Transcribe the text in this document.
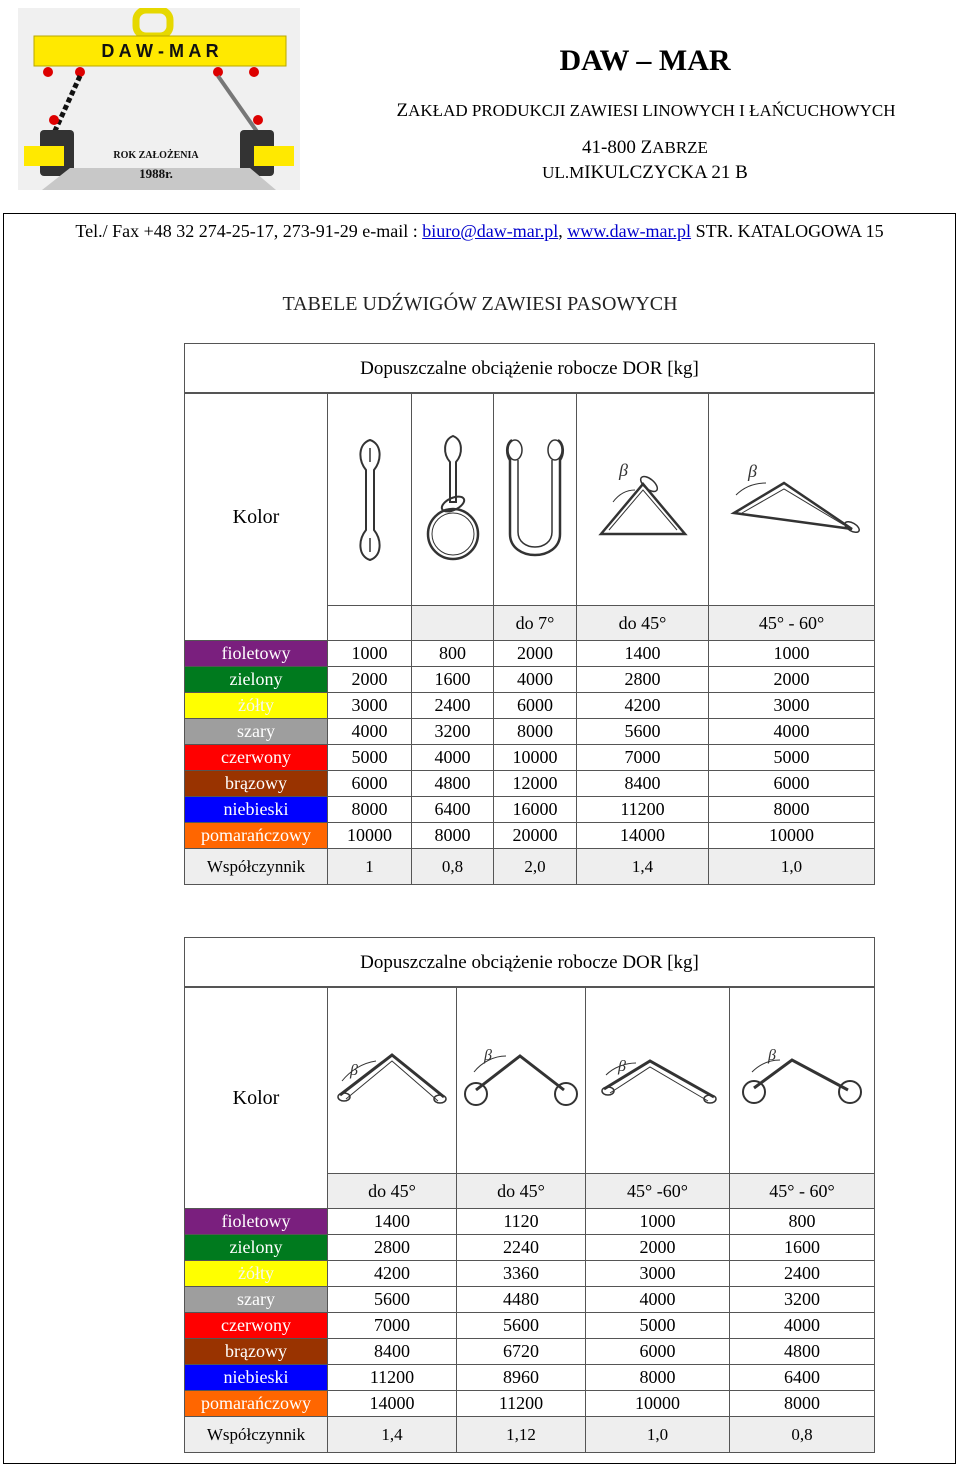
D A W - M A R
ROK ZAŁOŻENIA
1988r.
DAW – MAR
ZAKŁAD PRODUKCJI ZAWIESI LINOWYCH I ŁAŃCUCHOWYCH
41-800 ZABRZE
UL.MIKULCZYCKA 21 B
Tel./ Fax +48 32 274-25-17, 273-91-29 e-mail : biuro@daw-mar.pl, www.daw-mar.pl STR. KATALOGOWA 15
TABELE UDŹWIGÓW ZAWIESI PASOWYCH
Dopuszczalne obciążenie robocze DOR [kg]					
Kolor				β	β

			do 7°	do 45°	45° - 60°
fioletowy	1000	800	2000	1400	1000
zielony	2000	1600	4000	2800	2000
żółty	3000	2400	6000	4200	3000
szary	4000	3200	8000	5600	4000
czerwony	5000	4000	10000	7000	5000
brązowy	6000	4800	12000	8400	6000
niebieski	8000	6400	16000	11200	8000
pomarańczowy	10000	8000	20000	14000	10000
Współczynnik	1	0,8	2,0	1,4	1,0
Dopuszczalne obciążenie robocze DOR [kg]				
Kolor	β	β	β	β

	do 45°	do 45°	45° -60°	45° - 60°
fioletowy	1400	1120	1000	800
zielony	2800	2240	2000	1600
żółty	4200	3360	3000	2400
szary	5600	4480	4000	3200
czerwony	7000	5600	5000	4000
brązowy	8400	6720	6000	4800
niebieski	11200	8960	8000	6400
pomarańczowy	14000	11200	10000	8000
Współczynnik	1,4	1,12	1,0	0,8
